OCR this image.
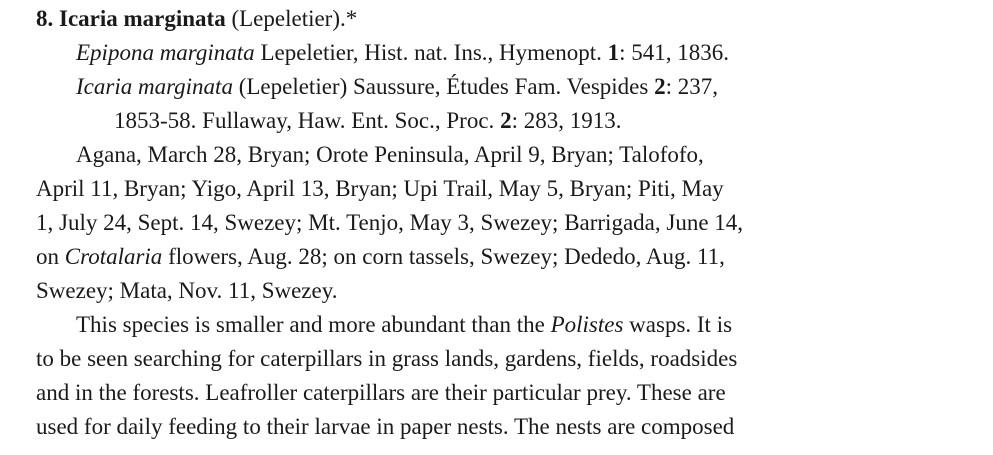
8. Icaria marginata (Lepeletier).*
Epipona marginata Lepeletier, Hist. nat. Ins., Hymenopt. 1: 541, 1836.
Icaria marginata (Lepeletier) Saussure, Études Fam. Vespides 2: 237,
1853-58. Fullaway, Haw. Ent. Soc., Proc. 2: 283, 1913.
Agana, March 28, Bryan; Orote Peninsula, April 9, Bryan; Talofofo,
April 11, Bryan; Yigo, April 13, Bryan; Upi Trail, May 5, Bryan; Piti, May
1, July 24, Sept. 14, Swezey; Mt. Tenjo, May 3, Swezey; Barrigada, June 14,
on Crotalaria flowers, Aug. 28; on corn tassels, Swezey; Dededo, Aug. 11,
Swezey; Mata, Nov. 11, Swezey.
This species is smaller and more abundant than the Polistes wasps. It is
to be seen searching for caterpillars in grass lands, gardens, fields, roadsides
and in the forests. Leafroller caterpillars are their particular prey. These are
used for daily feeding to their larvae in paper nests. The nests are composed
